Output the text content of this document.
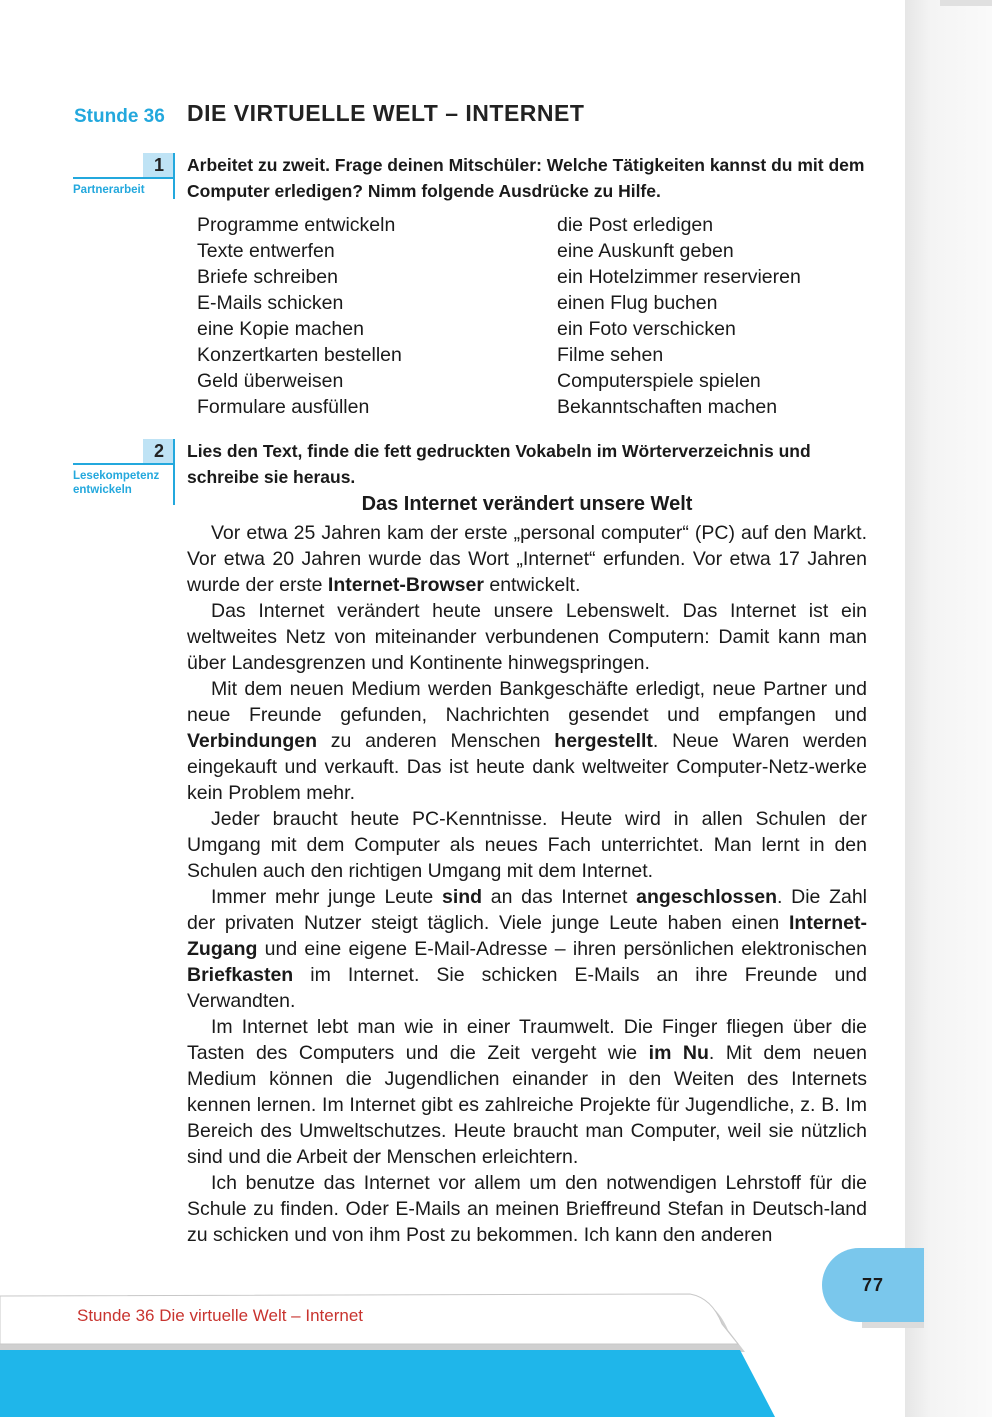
Stunde 36 DIE VIRTUELLE WELT – INTERNET
1
Partnerarbeit
Arbeitet zu zweit. Frage deinen Mitschüler: Welche Tätigkeiten kannst du mit dem Computer erledigen? Nimm folgende Ausdrücke zu Hilfe.
Programme entwickeln
Texte entwerfen
Briefe schreiben
E-Mails schicken
eine Kopie machen
Konzertkarten bestellen
Geld überweisen
Formulare ausfüllen
die Post erledigen
eine Auskunft geben
ein Hotelzimmer reservieren
einen Flug buchen
ein Foto verschicken
Filme sehen
Computerspiele spielen
Bekanntschaften machen
2
Lesekompetenz
entwickeln
Lies den Text, finde die fett gedruckten Vokabeln im Wörterverzeichnis und schreibe sie heraus.
Das Internet verändert unsere Welt

Vor etwa 25 Jahren kam der erste „personal computer“ (PC) auf den Markt. Vor etwa 20 Jahren wurde das Wort „Internet“ erfunden. Vor etwa 17 Jahren wurde der erste Internet-Browser entwickelt.

Das Internet verändert heute unsere Lebenswelt. Das Internet ist ein weltweites Netz von miteinander verbundenen Computern: Damit kann man über Landesgrenzen und Kontinente hinwegspringen.

Mit dem neuen Medium werden Bankgeschäfte erledigt, neue Partner und neue Freunde gefunden, Nachrichten gesendet und empfangen und Verbindungen zu anderen Menschen hergestellt. Neue Waren werden eingekauft und verkauft. Das ist heute dank weltweiter Computer-Netz-werke kein Problem mehr.

Jeder braucht heute PC-Kenntnisse. Heute wird in allen Schulen der Umgang mit dem Computer als neues Fach unterrichtet. Man lernt in den Schulen auch den richtigen Umgang mit dem Internet.

Immer mehr junge Leute sind an das Internet angeschlossen. Die Zahl der privaten Nutzer steigt täglich. Viele junge Leute haben einen Internet-Zugang und eine eigene E-Mail-Adresse – ihren persönlichen elektronischen Briefkasten im Internet. Sie schicken E-Mails an ihre Freunde und Verwandten.

Im Internet lebt man wie in einer Traumwelt. Die Finger fliegen über die Tasten des Computers und die Zeit vergeht wie im Nu. Mit dem neuen Medium können die Jugendlichen einander in den Weiten des Internets kennen lernen. Im Internet gibt es zahlreiche Projekte für Jugendliche, z. B. Im Bereich des Umweltschutzes. Heute braucht man Computer, weil sie nützlich sind und die Arbeit der Menschen erleichtern.

Ich benutze das Internet vor allem um den notwendigen Lehrstoff für die Schule zu finden. Oder E-Mails an meinen Brieffreund Stefan in Deutsch-land zu schicken und von ihm Post zu bekommen. Ich kann den anderen

77
Stunde 36 Die virtuelle Welt – Internet
